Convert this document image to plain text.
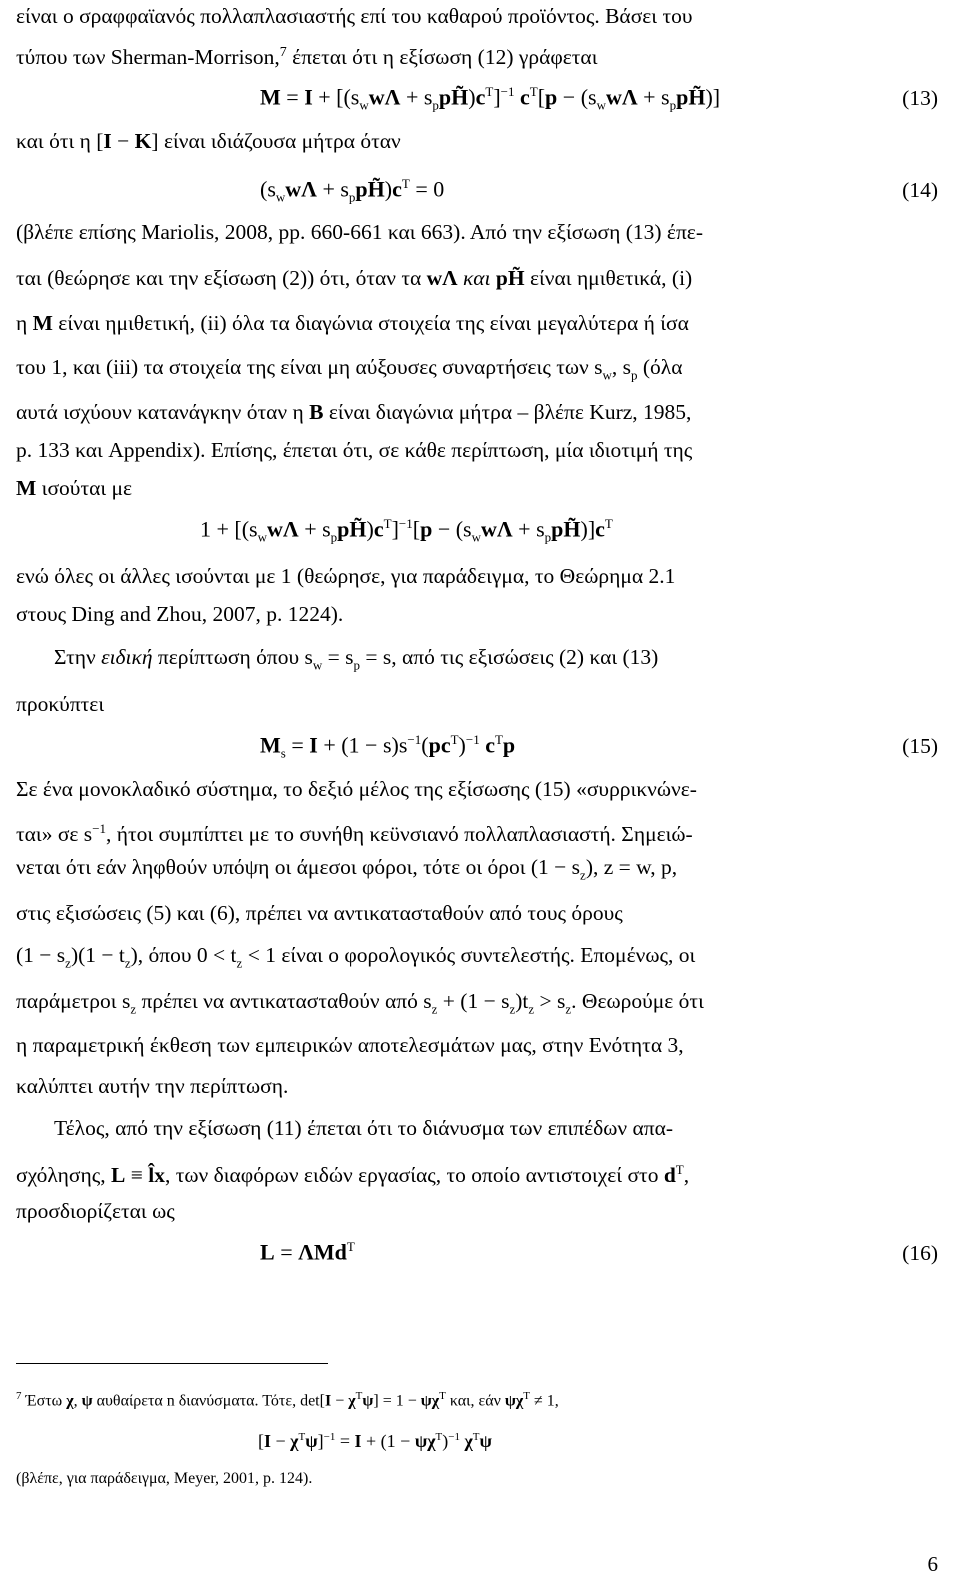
είναι ο σραφφαϊανός πολλαπλασιαστής επί του καθαρού προϊόντος. Βάσει του
τύπου των Sherman-Morrison,$^7$ έπεται ότι η εξίσωση (12) γράφεται
$M = I + [(s_ww\Lambda$ + $s_ppH̃)c^T]^{-1}$ $c^T[p - (s_ww\Lambda$ + $s_ppH̃$)]	(13)
και ότι η [I − K] είναι ιδιάζουσα μήτρα όταν
($s_ww\Lambda$ + $s_ppH̃)c^T = 0$	(14)
(βλέπε επίσης Mariolis, 2008, pp. 660-661 και 663). Από την εξίσωση (13) έπε-
ται (θεώρησε και την εξίσωση (2)) ότι, όταν τα wΛ και pH̃ είναι ημιθετικά, (i)
η M είναι ημιθετική, (ii) όλα τα διαγώνια στοιχεία της είναι μεγαλύτερα ή ίσα
του 1, και (iii) τα στοιχεία της είναι μη αύξουσες συναρτήσεις των $s_w$, $s_p$ (όλα
αυτά ισχύουν κατανάγκην όταν η B είναι διαγώνια μήτρα – βλέπε Kurz, 1985,
p. 133 και Appendix). Επίσης, έπεται ότι, σε κάθε περίπτωση, μία ιδιοτιμή της
M ισούται με
$1 + [(s_ww\Lambda$ + $s_ppH̃)c^T]^{-1}[p - (s_ww\Lambda$ + $s_ppH̃)]c^T$
ενώ όλες οι άλλες ισούνται με 1 (θεώρησε, για παράδειγμα, το Θεώρημα 2.1
στους Ding and Zhou, 2007, p. 1224).
Στην ειδική περίπτωση όπου $s_w = s_p = s$, από τις εξισώσεις (2) και (13)
προκύπτει
$M_s = I + (1 - s)s^{-1}(pc^T)^{-1}$ $c^Tp$	(15)
Σε ένα μονοκλαδικό σύστημα, το δεξιό μέλος της εξίσωσης (15) «συρρικνώνε-
ται» σε $s^{-1}$, ήτοι συμπίπτει με το συνήθη κεϋνσιανό πολλαπλασιαστή. Σημειώ-
νεται ότι εάν ληφθούν υπόψη οι άμεσοι φόροι, τότε οι όροι $(1 - s_z)$, z = w, p,
στις εξισώσεις (5) και (6), πρέπει να αντικατασταθούν από τους όρους
$(1 - s_z)(1 - t_z)$, όπου $0 < t_z < 1$ είναι ο φορολογικός συντελεστής. Επομένως, οι
παράμετροι $s_z$ πρέπει να αντικατασταθούν από $s_z + (1 - s_z)t_z > s_z$. Θεωρούμε ότι
η παραμετρική έκθεση των εμπειρικών αποτελεσμάτων μας, στην Ενότητα 3,
καλύπτει αυτήν την περίπτωση.
Τέλος, από την εξίσωση (11) έπεται ότι το διάνυσμα των επιπέδων απα-
σχόλησης, L ≡ l̂x, των διαφόρων ειδών εργασίας, το οποίο αντιστοιχεί στο $d^T$,
προσδιορίζεται ως
L = ΛMd$^T$	(16)
$^7$ Έστω χ, ψ αυθαίρετα n διανύσματα. Τότε, $\det[I - \chi^T\psi] = 1 - \psi\chi^T$ και, εάν $\psi\chi^T \ne 1$,
$[I - \chi^T\psi]^{-1} = I + (1 - \psi\chi^T)^{-1}$ $\chi^T\psi$
(βλέπε, για παράδειγμα, Meyer, 2001, p. 124).
6
